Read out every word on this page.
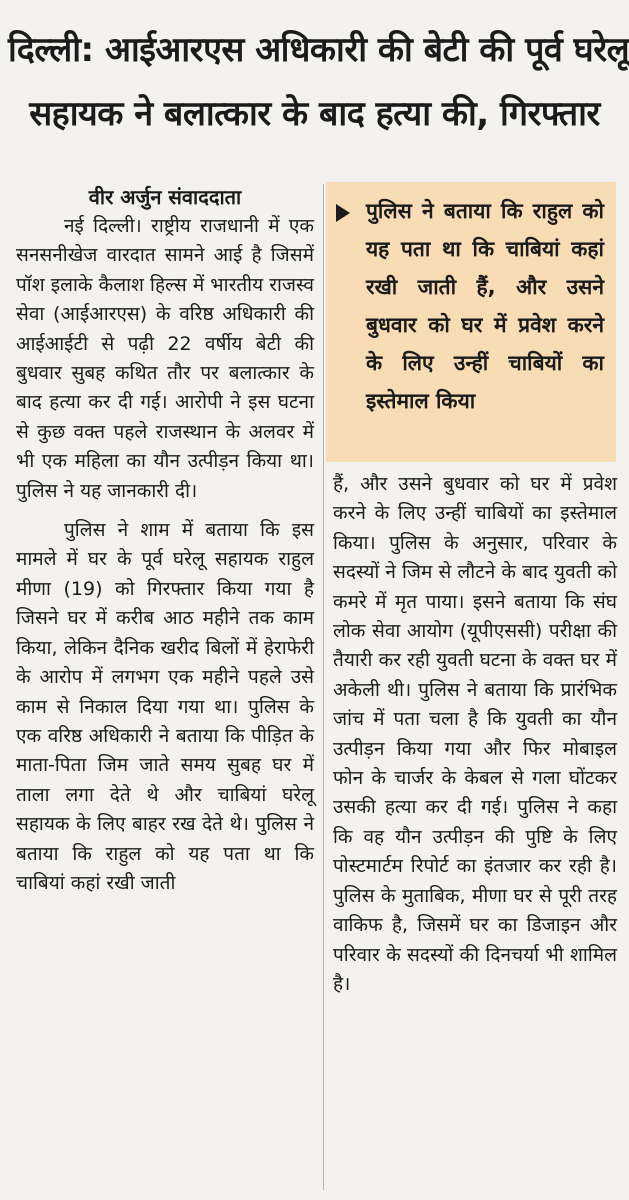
दिल्ली: आईआरएस अधिकारी की बेटी की पूर्व घरेलू
सहायक ने बलात्कार के बाद हत्या की, गिरफ्तार
वीर अर्जुन संवाददाता

नई दिल्ली। राष्ट्रीय राजधानी में एक सनसनीखेज वारदात सामने आई है जिसमें पॉश इलाके कैलाश हिल्स में भारतीय राजस्व सेवा (आईआरएस) के वरिष्ठ अधिकारी की आईआईटी से पढ़ी 22 वर्षीय बेटी की बुधवार सुबह कथित तौर पर बलात्कार के बाद हत्या कर दी गई। आरोपी ने इस घटना से कुछ वक्त पहले राजस्थान के अलवर में भी एक महिला का यौन उत्पीड़न किया था। पुलिस ने यह जानकारी दी।

पुलिस ने शाम में बताया कि इस मामले में घर के पूर्व घरेलू सहायक राहुल मीणा (19) को गिरफ्तार किया गया है जिसने घर में करीब आठ महीने तक काम किया, लेकिन दैनिक खरीद बिलों में हेराफेरी के आरोप में लगभग एक महीने पहले उसे काम से निकाल दिया गया था। पुलिस के एक वरिष्ठ अधिकारी ने बताया कि पीड़ित के माता-पिता जिम जाते समय सुबह घर में ताला लगा देते थे और चाबियां घरेलू सहायक के लिए बाहर रख देते थे। पुलिस ने बताया कि राहुल को यह पता था कि चाबियां कहां रखी जाती

पुलिस ने बताया कि राहुल को यह पता था कि चाबियां कहां रखी जाती हैं, और उसने बुधवार को घर में प्रवेश करने के लिए उन्हीं चाबियों का इस्तेमाल किया

हैं, और उसने बुधवार को घर में प्रवेश करने के लिए उन्हीं चाबियों का इस्तेमाल किया। पुलिस के अनुसार, परिवार के सदस्यों ने जिम से लौटने के बाद युवती को कमरे में मृत पाया। इसने बताया कि संघ लोक सेवा आयोग (यूपीएससी) परीक्षा की तैयारी कर रही युवती घटना के वक्त घर में अकेली थी। पुलिस ने बताया कि प्रारंभिक जांच में पता चला है कि युवती का यौन उत्पीड़न किया गया और फिर मोबाइल फोन के चार्जर के केबल से गला घोंटकर उसकी हत्या कर दी गई। पुलिस ने कहा कि वह यौन उत्पीड़न की पुष्टि के लिए पोस्टमार्टम रिपोर्ट का इंतजार कर रही है। पुलिस के मुताबिक, मीणा घर से पूरी तरह वाकिफ है, जिसमें घर का डिजाइन और परिवार के सदस्यों की दिनचर्या भी शामिल है।
